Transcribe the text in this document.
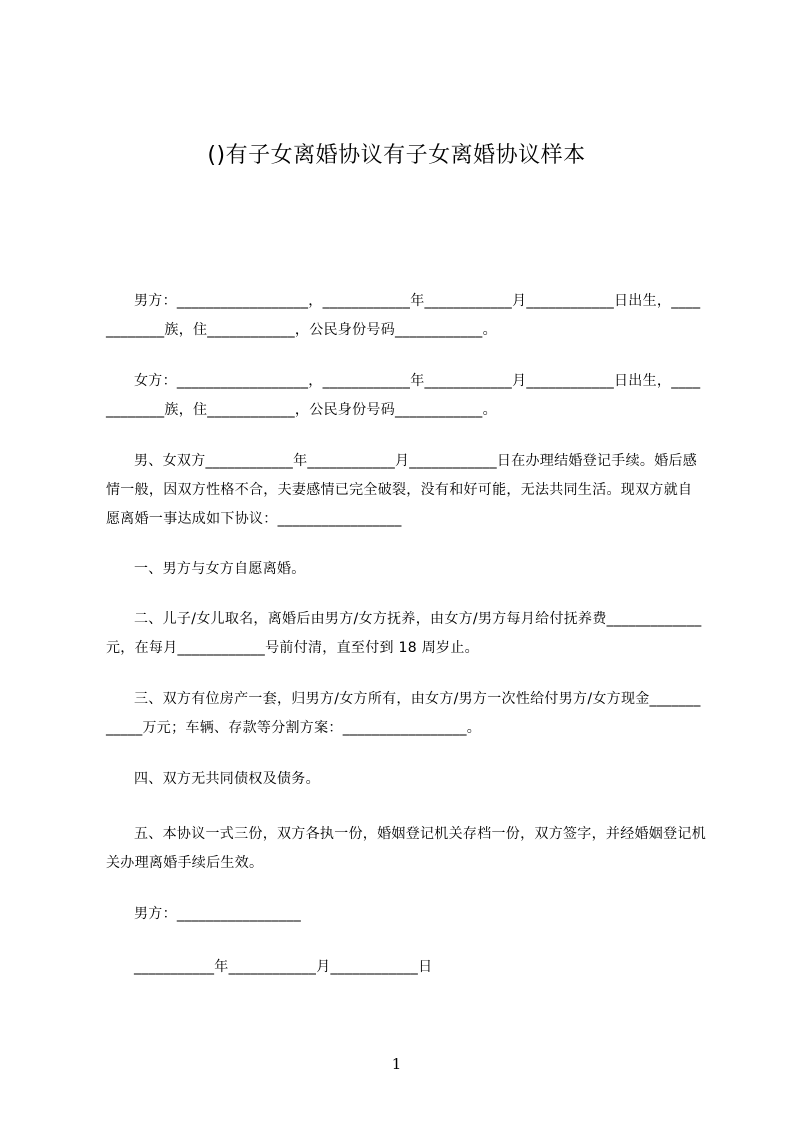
()有子女离婚协议有子女离婚协议样本
男方：__________________，____________年____________月____________日出生，____________族，住____________，公民身份号码____________。
女方：__________________，____________年____________月____________日出生，____________族，住____________，公民身份号码____________。
男、女双方____________年____________月____________日在办理结婚登记手续。婚后感情一般，因双方性格不合，夫妻感情已完全破裂，没有和好可能，无法共同生活。现双方就自愿离婚一事达成如下协议：_________________
一、男方与女方自愿离婚。
二、儿子/女儿取名，离婚后由男方/女方抚养，由女方/男方每月给付抚养费_____________元，在每月____________号前付清，直至付到 18 周岁止。
三、双方有位房产一套，归男方/女方所有，由女方/男方一次性给付男方/女方现金____________万元；车辆、存款等分割方案：_________________。
四、双方无共同债权及债务。
五、本协议一式三份，双方各执一份，婚姻登记机关存档一份，双方签字，并经婚姻登记机关办理离婚手续后生效。
男方：_________________
___________年____________月____________日
1
